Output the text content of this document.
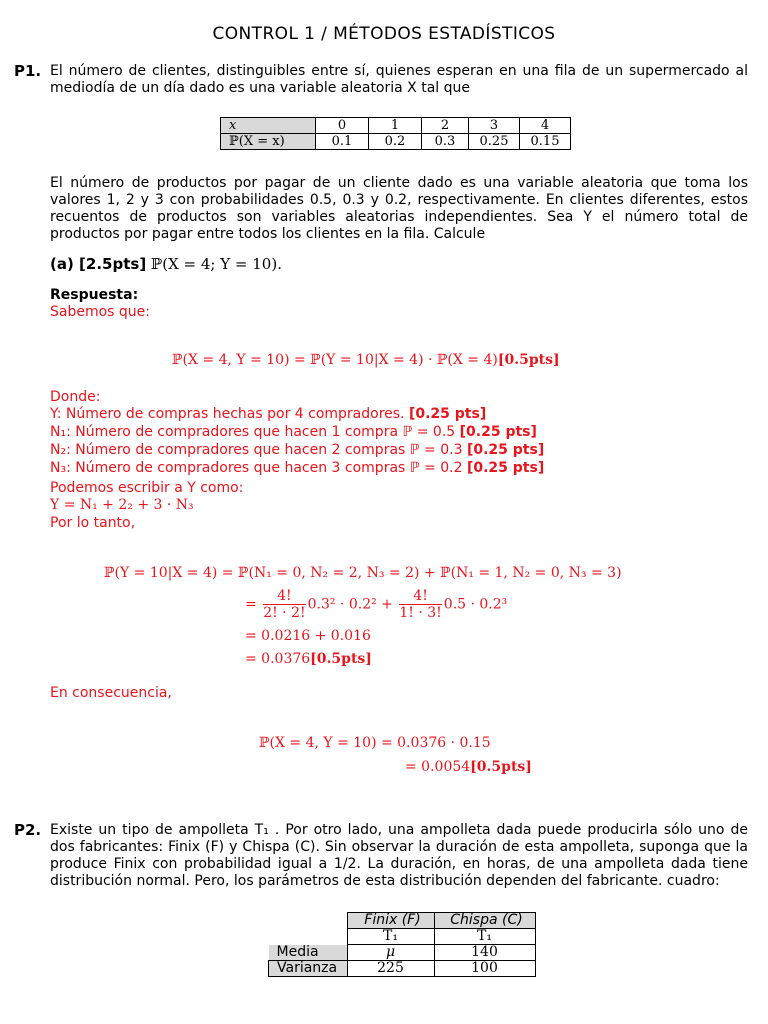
CONTROL 1 / MÉTODOS ESTADÍSTICOS
P1. El número de clientes, distinguibles entre sí, quienes esperan en una fila de un supermercado al mediodía de un día dado es una variable aleatoria X tal que
x	0	1	2	3	4
ℙ(X = x)	0.1	0.2	0.3	0.25	0.15
El número de productos por pagar de un cliente dado es una variable aleatoria que toma los valores 1, 2 y 3 con probabilidades 0.5, 0.3 y 0.2, respectivamente. En clientes diferentes, estos recuentos de productos son variables aleatorias independientes. Sea Y el número total de productos por pagar entre todos los clientes en la fila. Calcule
(a) [2.5pts] ℙ(X = 4; Y = 10).
Respuesta:
Sabemos que:
ℙ(X = 4, Y = 10) = ℙ(Y = 10|X = 4) · ℙ(X = 4)[0.5pts]
Donde:
Y: Número de compras hechas por 4 compradores. [0.25 pts]
N₁: Número de compradores que hacen 1 compra ℙ = 0.5 [0.25 pts]
N₂: Número de compradores que hacen 2 compras ℙ = 0.3 [0.25 pts]
N₃: Número de compradores que hacen 3 compras ℙ = 0.2 [0.25 pts]
Podemos escribir a Y como:
Y = N₁ + 2₂ + 3 · N₃
Por lo tanto,
ℙ(Y = 10|X = 4) = ℙ(N₁ = 0, N₂ = 2, N₃ = 2) + ℙ(N₁ = 1, N₂ = 0, N₃ = 3)
= $\frac{4!}{2! \cdot 2!} 0.3^2 \cdot 0.2^2 + \frac{4!}{1! \cdot 3!} 0.5 \cdot 0.2^3$
= 0.0216 + 0.016
= 0.0376[0.5pts]
En consecuencia,
ℙ(X = 4, Y = 10) = 0.0376 · 0.15
= 0.0054[0.5pts]
P2. Existe un tipo de ampolleta T₁ . Por otro lado, una ampolleta dada puede producirla sólo uno de dos fabricantes: Finix (F) y Chispa (C). Sin observar la duración de esta ampolleta, suponga que la produce Finix con probabilidad igual a 1/2. La duración, en horas, de una ampolleta dada tiene distribución normal. Pero, los parámetros de esta distribución dependen del fabricante. cuadro:
	Finix (F)	Chispa (C)
	T₁	T₁
Media	μ	140
Varianza	225	100
